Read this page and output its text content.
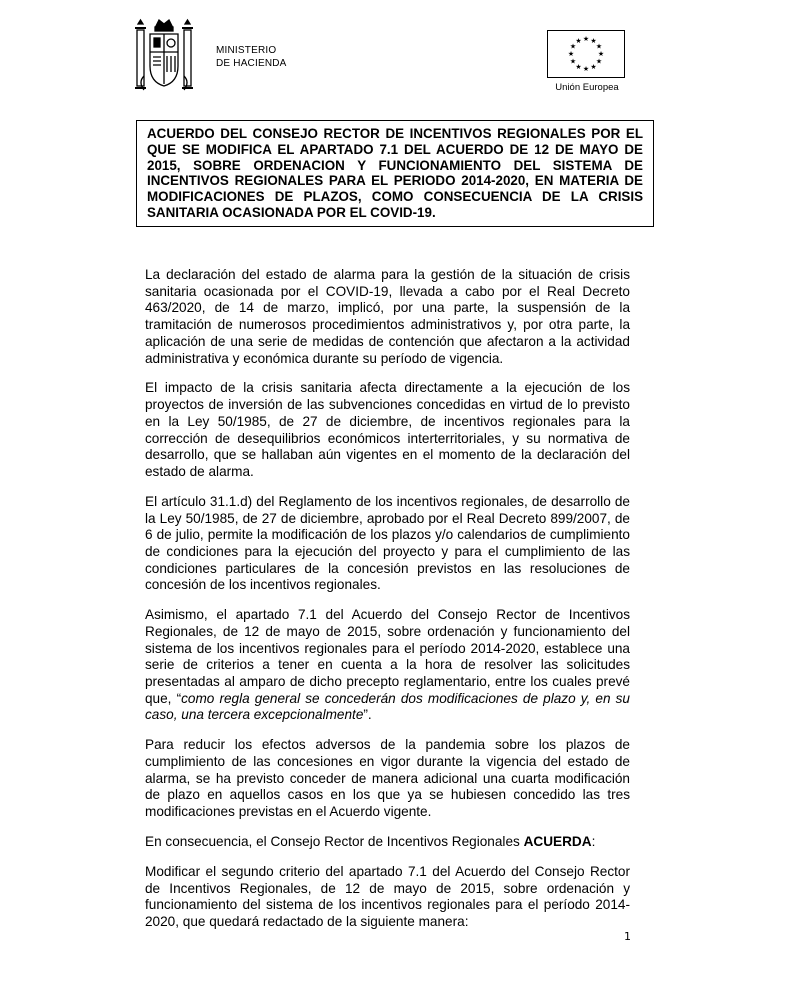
MINISTERIO
DE HACIENDA
★ ★
★
★
★
★
★
★
★
★
★
★
Unión Europea

ACUERDO DEL CONSEJO RECTOR DE INCENTIVOS REGIONALES POR EL QUE SE MODIFICA EL APARTADO 7.1 DEL ACUERDO DE 12 DE MAYO DE 2015, SOBRE ORDENACION Y FUNCIONAMIENTO DEL SISTEMA DE INCENTIVOS REGIONALES PARA EL PERIODO 2014-2020, EN MATERIA DE MODIFICACIONES DE PLAZOS, COMO CONSECUENCIA DE LA CRISIS SANITARIA OCASIONADA POR EL COVID-19.

La declaración del estado de alarma para la gestión de la situación de crisis sanitaria ocasionada por el COVID-19, llevada a cabo por el Real Decreto 463/2020, de 14 de marzo, implicó, por una parte, la suspensión de la tramitación de numerosos procedimientos administrativos y, por otra parte, la aplicación de una serie de medidas de contención que afectaron a la actividad administrativa y económica durante su período de vigencia.

El impacto de la crisis sanitaria afecta directamente a la ejecución de los proyectos de inversión de las subvenciones concedidas en virtud de lo previsto en la Ley 50/1985, de 27 de diciembre, de incentivos regionales para la corrección de desequilibrios económicos interterritoriales, y su normativa de desarrollo, que se hallaban aún vigentes en el momento de la declaración del estado de alarma.

El artículo 31.1.d) del Reglamento de los incentivos regionales, de desarrollo de la Ley 50/1985, de 27 de diciembre, aprobado por el Real Decreto 899/2007, de 6 de julio, permite la modificación de los plazos y/o calendarios de cumplimiento de condiciones para la ejecución del proyecto y para el cumplimiento de las condiciones particulares de la concesión previstos en las resoluciones de concesión de los incentivos regionales.

Asimismo, el apartado 7.1 del Acuerdo del Consejo Rector de Incentivos Regionales, de 12 de mayo de 2015, sobre ordenación y funcionamiento del sistema de los incentivos regionales para el período 2014-2020, establece una serie de criterios a tener en cuenta a la hora de resolver las solicitudes presentadas al amparo de dicho precepto reglamentario, entre los cuales prevé que, “como regla general se concederán dos modificaciones de plazo y, en su caso, una tercera excepcionalmente”.

Para reducir los efectos adversos de la pandemia sobre los plazos de cumplimiento de las concesiones en vigor durante la vigencia del estado de alarma, se ha previsto conceder de manera adicional una cuarta modificación de plazo en aquellos casos en los que ya se hubiesen concedido las tres modificaciones previstas en el Acuerdo vigente.

En consecuencia, el Consejo Rector de Incentivos Regionales ACUERDA:

Modificar el segundo criterio del apartado 7.1 del Acuerdo del Consejo Rector de Incentivos Regionales, de 12 de mayo de 2015, sobre ordenación y funcionamiento del sistema de los incentivos regionales para el período 2014-2020, que quedará redactado de la siguiente manera:

1
